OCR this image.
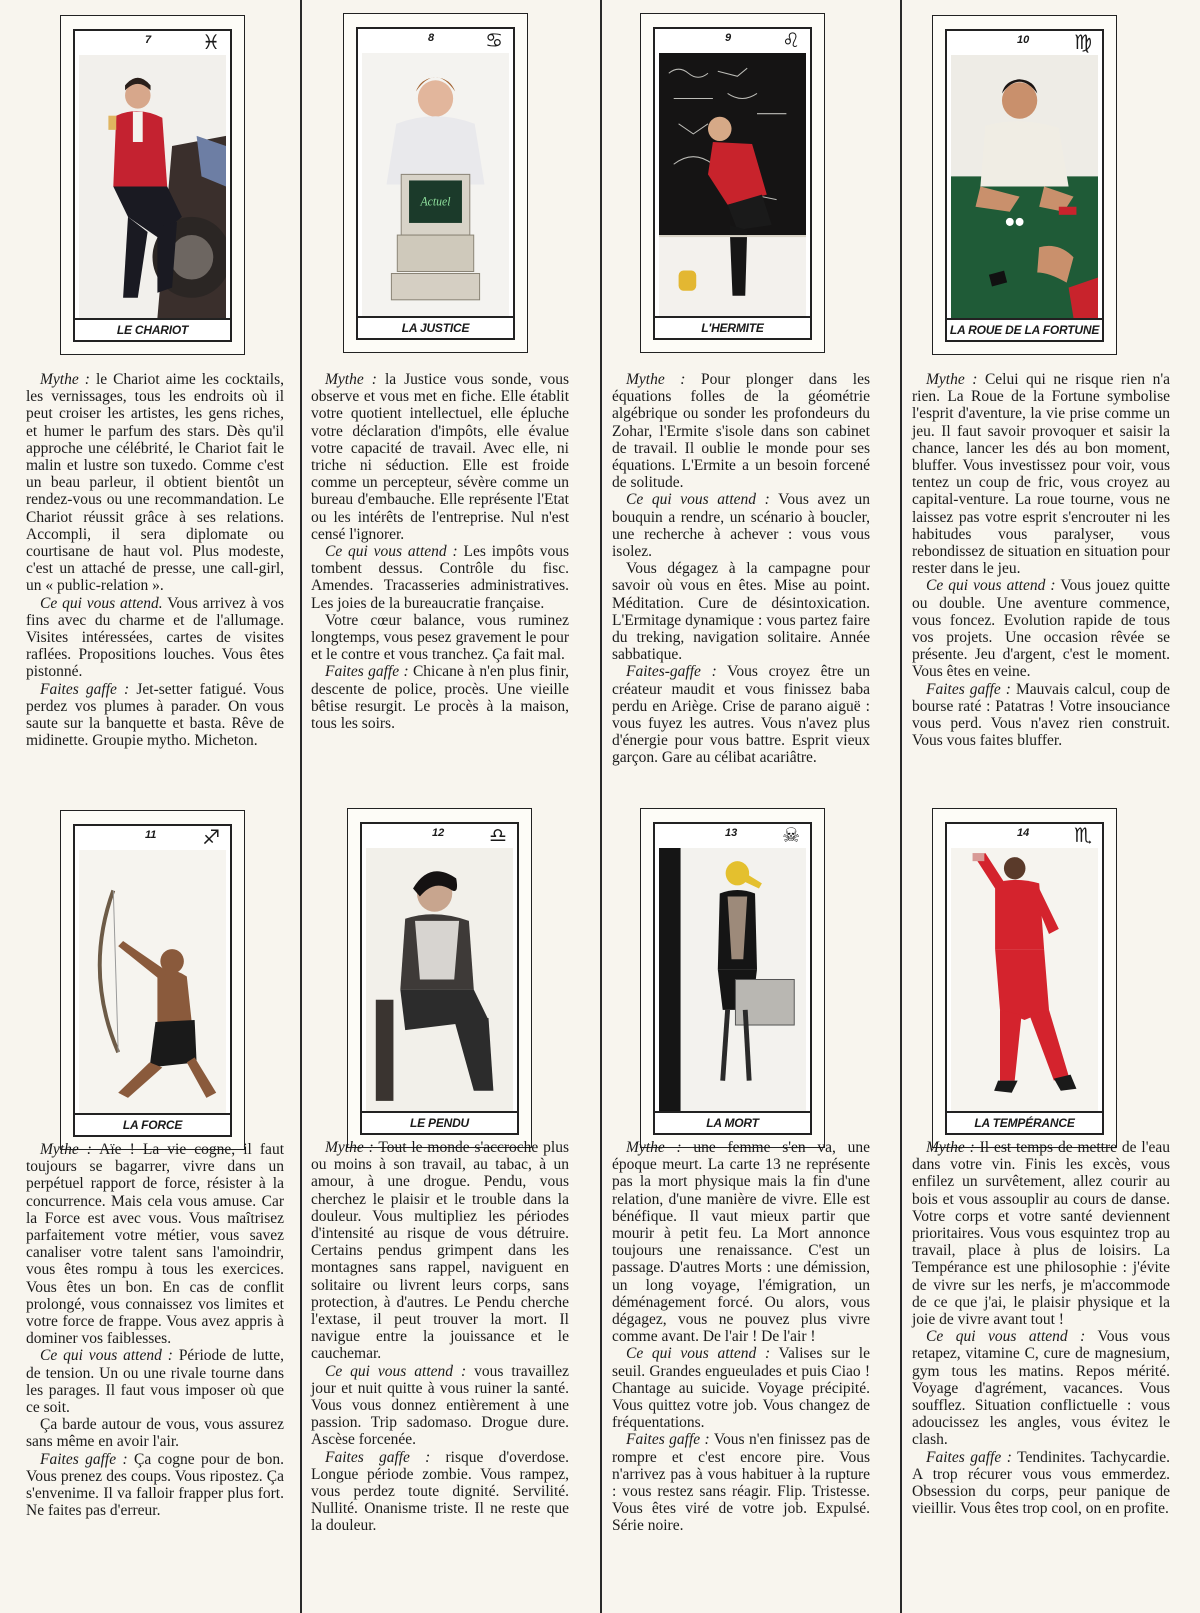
7	♓
LE CHARIOT
8	♋
Actuel
LA JUSTICE
9	♌
L'HERMITE
10 ♍
LA ROUE DE LA FORTUNE

Mythe : le Chariot aime les cocktails, les vernissages, tous les endroits où il peut croiser les artistes, les gens riches, et humer le parfum des stars. Dès qu'il approche une célébrité, le Chariot fait le malin et lustre son tuxedo. Comme c'est un beau parleur, il obtient bientôt un rendez-vous ou une recommandation. Le Chariot réussit grâce à ses relations. Accompli, il sera diplomate ou courtisane de haut vol. Plus modeste, c'est un attaché de presse, une call-girl, un « public-relation ».

Ce qui vous attend. Vous arrivez à vos fins avec du charme et de l'allumage. Visites intéressées, cartes de visites raflées. Propositions louches. Vous êtes pistonné.

Faites gaffe : Jet-setter fatigué. Vous perdez vos plumes à parader. On vous saute sur la banquette et basta. Rêve de midinette. Groupie mytho. Micheton.

Mythe : la Justice vous sonde, vous observe et vous met en fiche. Elle établit votre quotient intellectuel, elle épluche votre déclaration d'impôts, elle évalue votre capacité de travail. Avec elle, ni triche ni séduction. Elle est froide comme un percepteur, sévère comme un bureau d'embauche. Elle représente l'Etat ou les intérêts de l'entreprise. Nul n'est censé l'ignorer.

Ce qui vous attend : Les impôts vous tombent dessus. Contrôle du fisc. Amendes. Tracasseries administratives. Les joies de la bureaucratie française.

Votre cœur balance, vous ruminez longtemps, vous pesez gravement le pour et le contre et vous tranchez. Ça fait mal.

Faites gaffe : Chicane à n'en plus finir, descente de police, procès. Une vieille bêtise resurgit. Le procès à la maison, tous les soirs.

Mythe : Pour plonger dans les équations folles de la géométrie algébrique ou sonder les profondeurs du Zohar, l'Ermite s'isole dans son cabinet de travail. Il oublie le monde pour ses équations. L'Ermite a un besoin forcené de solitude.

Ce qui vous attend : Vous avez un bouquin a rendre, un scénario à boucler, une recherche à achever : vous vous isolez.

Vous dégagez à la campagne pour savoir où vous en êtes. Mise au point. Méditation. Cure de désintoxication. L'Ermitage dynamique : vous partez faire du treking, navigation solitaire. Année sabbatique.

Faites-gaffe : Vous croyez être un créateur maudit et vous finissez baba perdu en Ariège. Crise de parano aiguë : vous fuyez les autres. Vous n'avez plus d'énergie pour vous battre. Esprit vieux garçon. Gare au célibat acariâtre.

Mythe : Celui qui ne risque rien n'a rien. La Roue de la Fortune symbolise l'esprit d'aventure, la vie prise comme un jeu. Il faut savoir provoquer et saisir la chance, lancer les dés au bon moment, bluffer. Vous investissez pour voir, vous tentez un coup de fric, vous croyez au capital-venture. La roue tourne, vous ne laissez pas votre esprit s'encrouter ni les habitudes vous paralyser, vous rebondissez de situation en situation pour rester dans le jeu.

Ce qui vous attend : Vous jouez quitte ou double. Une aventure commence, vous foncez. Evolution rapide de tous vos projets. Une occasion rêvée se présente. Jeu d'argent, c'est le moment. Vous êtes en veine.

Faites gaffe : Mauvais calcul, coup de bourse raté : Patatras ! Votre insouciance vous perd. Vous n'avez rien construit. Vous vous faites bluffer.

11 ♐
LA FORCE
12 ♎
LE PENDU
13 ☠
LA MORT
14 ♏
LA TEMPÉRANCE

Mythe : Aïe ! La vie cogne, il faut toujours se bagarrer, vivre dans un perpétuel rapport de force, résister à la concurrence. Mais cela vous amuse. Car la Force est avec vous. Vous maîtrisez parfaitement votre métier, vous savez canaliser votre talent sans l'amoindrir, vous êtes rompu à tous les exercices. Vous êtes un bon. En cas de conflit prolongé, vous connaissez vos limites et votre force de frappe. Vous avez appris à dominer vos faiblesses.

Ce qui vous attend : Période de lutte, de tension. Un ou une rivale tourne dans les parages. Il faut vous imposer où que ce soit.

Ça barde autour de vous, vous assurez sans même en avoir l'air.

Faites gaffe : Ça cogne pour de bon. Vous prenez des coups. Vous ripostez. Ça s'envenime. Il va falloir frapper plus fort. Ne faites pas d'erreur.

Mythe : Tout le monde s'accroche plus ou moins à son travail, au tabac, à un amour, à une drogue. Pendu, vous cherchez le plaisir et le trouble dans la douleur. Vous multipliez les périodes d'intensité au risque de vous détruire. Certains pendus grimpent dans les montagnes sans rappel, naviguent en solitaire ou livrent leurs corps, sans protection, à d'autres. Le Pendu cherche l'extase, il peut trouver la mort. Il navigue entre la jouissance et le cauchemar.

Ce qui vous attend : vous travaillez jour et nuit quitte à vous ruiner la santé. Vous vous donnez entièrement à une passion. Trip sadomaso. Drogue dure. Ascèse forcenée.

Faites gaffe : risque d'overdose. Longue période zombie. Vous rampez, vous perdez toute dignité. Servilité. Nullité. Onanisme triste. Il ne reste que la douleur.

Mythe : une femme s'en va, une époque meurt. La carte 13 ne représente pas la mort physique mais la fin d'une relation, d'une manière de vivre. Elle est bénéfique. Il vaut mieux partir que mourir à petit feu. La Mort annonce toujours une renaissance. C'est un passage. D'autres Morts : une démission, un long voyage, l'émigration, un déménagement forcé. Ou alors, vous dégagez, vous ne pouvez plus vivre comme avant. De l'air ! De l'air !

Ce qui vous attend : Valises sur le seuil. Grandes engueulades et puis Ciao ! Chantage au suicide. Voyage précipité. Vous quittez votre job. Vous changez de fréquentations.

Faites gaffe : Vous n'en finissez pas de rompre et c'est encore pire. Vous n'arrivez pas à vous habituer à la rupture : vous restez sans réagir. Flip. Tristesse. Vous êtes viré de votre job. Expulsé. Série noire.

Mythe : Il est temps de mettre de l'eau dans votre vin. Finis les excès, vous enfilez un survêtement, allez courir au bois et vous assouplir au cours de danse. Votre corps et votre santé deviennent prioritaires. Vous vous esquintez trop au travail, place à plus de loisirs. La Tempérance est une philosophie : j'évite de vivre sur les nerfs, je m'accommode de ce que j'ai, le plaisir physique et la joie de vivre avant tout !

Ce qui vous attend : Vous vous retapez, vitamine C, cure de magnesium, gym tous les matins. Repos mérité. Voyage d'agrément, vacances. Vous soufflez. Situation conflictuelle : vous adoucissez les angles, vous évitez le clash.

Faites gaffe : Tendinites. Tachycardie. A trop récurer vous vous emmerdez. Obsession du corps, peur panique de vieillir. Vous êtes trop cool, on en profite.
